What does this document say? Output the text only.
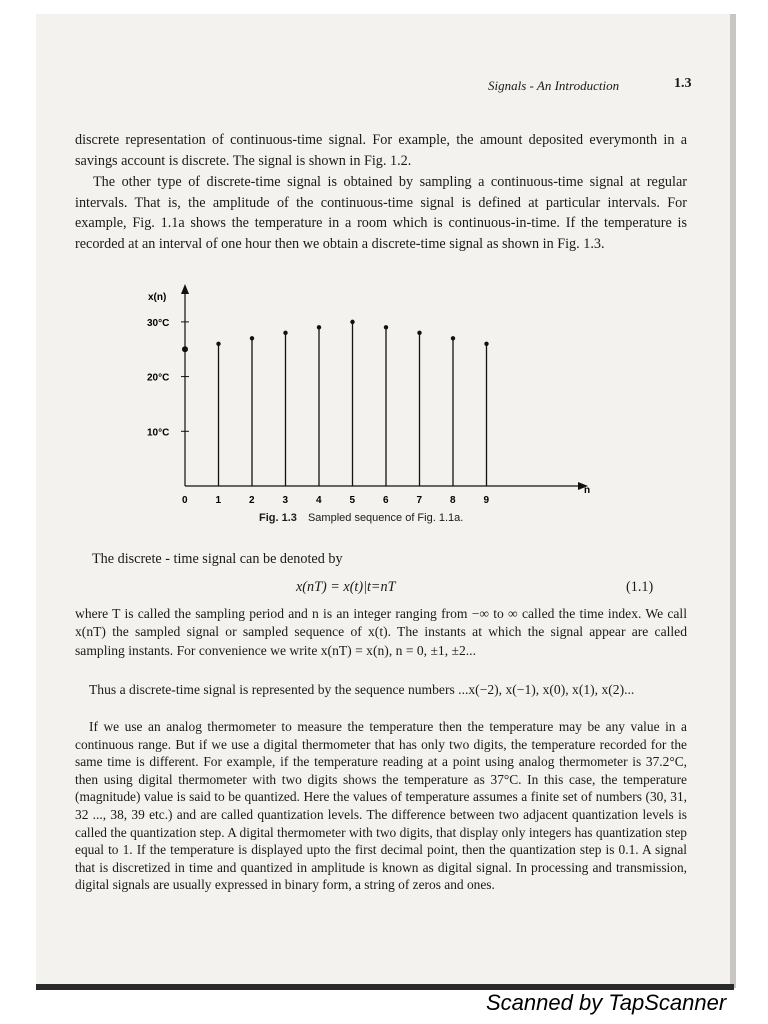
Signals - An Introduction	1.3
discrete representation of continuous-time signal. For example, the amount deposited everymonth in a savings account is discrete. The signal is shown in Fig. 1.2.
The other type of discrete-time signal is obtained by sampling a continuous-time signal at regular intervals. That is, the amplitude of the continuous-time signal is defined at particular intervals. For example, Fig. 1.1a shows the temperature in a room which is continuous-in-time. If the temperature is recorded at an interval of one hour then we obtain a discrete-time signal as shown in Fig. 1.3.
x(n)
n
10°C
20°C
30°C
0	1	2	3	4	5	6	7	8	9
Fig. 1.3 Sampled sequence of Fig. 1.1a.
The discrete - time signal can be denoted by
x(nT) = x(t)|t=nT	(1.1)
where T is called the sampling period and n is an integer ranging from −∞ to ∞ called the time index. We call x(nT) the sampled signal or sampled sequence of x(t). The instants at which the signal appear are called sampling instants. For convenience we write x(nT) = x(n), n = 0, ±1, ±2...
Thus a discrete-time signal is represented by the sequence numbers ...x(−2), x(−1), x(0), x(1), x(2)...
If we use an analog thermometer to measure the temperature then the temperature may be any value in a continuous range. But if we use a digital thermometer that has only two digits, the temperature recorded for the same time is different. For example, if the temperature reading at a point using analog thermometer is 37.2°C, then using digital thermometer with two digits shows the temperature as 37°C. In this case, the temperature (magnitude) value is said to be quantized. Here the values of temperature assumes a finite set of numbers (30, 31, 32 ..., 38, 39 etc.) and are called quantization levels. The difference between two adjacent quantization levels is called the quantization step. A digital thermometer with two digits, that display only integers has quantization step equal to 1. If the temperature is displayed upto the first decimal point, then the quantization step is 0.1. A signal that is discretized in time and quantized in amplitude is known as digital signal. In processing and transmission, digital signals are usually expressed in binary form, a string of zeros and ones.
Scanned by TapScanner
